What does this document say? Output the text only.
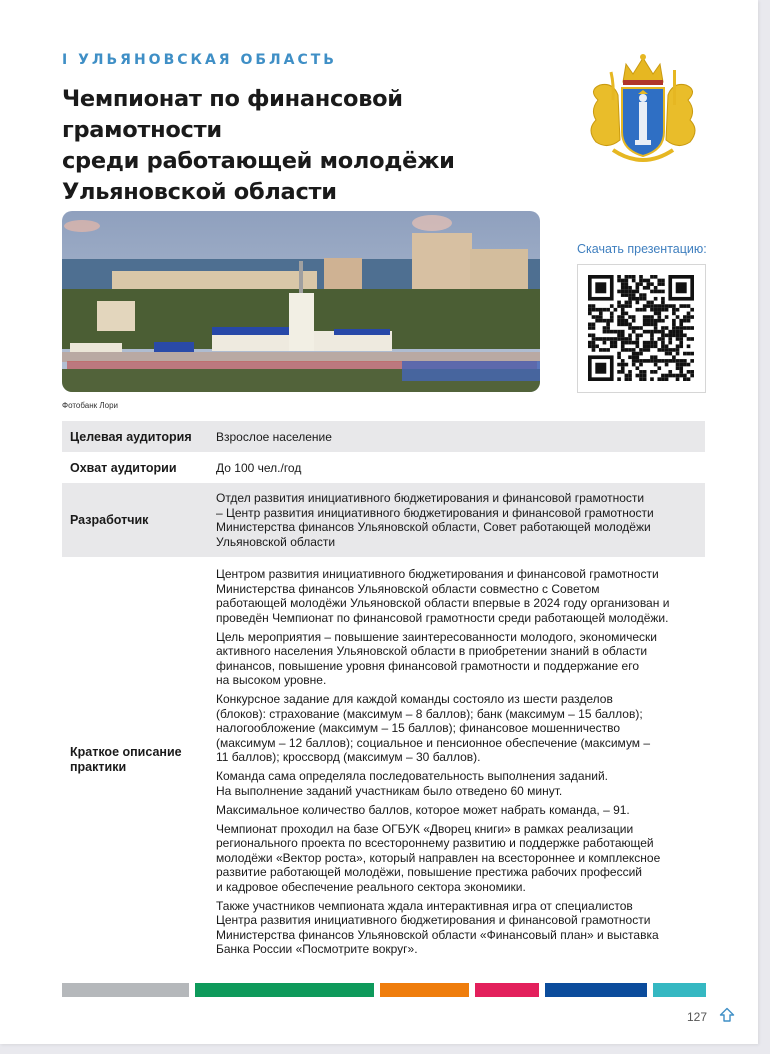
I УЛЬЯНОВСКАЯ ОБЛАСТЬ
Чемпионат по финансовой грамотности
среди работающей молодёжи
Ульяновской области
Фотобанк Лори
Скачать презентацию:
Целевая аудитория Взрослое население
Охват аудитории	До 100 чел./год
Разработчик
Отдел развития инициативного бюджетирования и финансовой грамотности
– Центр развития инициативного бюджетирования и финансовой грамотности
Министерства финансов Ульяновской области, Совет работающей молодёжи
Ульяновской области
Краткое описание
практики

Центром развития инициативного бюджетирования и финансовой грамотности
Министерства финансов Ульяновской области совместно с Советом
работающей молодёжи Ульяновской области впервые в 2024 году организован и
проведён Чемпионат по финансовой грамотности среди работающей молодёжи.

Цель мероприятия – повышение заинтересованности молодого, экономически
активного населения Ульяновской области в приобретении знаний в области
финансов, повышение уровня финансовой грамотности и поддержание его
на высоком уровне.

Конкурсное задание для каждой команды состояло из шести разделов
(блоков): страхование (максимум – 8 баллов); банк (максимум – 15 баллов);
налогообложение (максимум – 15 баллов); финансовое мошенничество
(максимум – 12 баллов); социальное и пенсионное обеспечение (максимум –
11 баллов); кроссворд (максимум – 30 баллов).

Команда сама определяла последовательность выполнения заданий.
На выполнение заданий участникам было отведено 60 минут.

Максимальное количество баллов, которое может набрать команда, – 91.

Чемпионат проходил на базе ОГБУК «Дворец книги» в рамках реализации
регионального проекта по всестороннему развитию и поддержке работающей
молодёжи «Вектор роста», который направлен на всестороннее и комплексное
развитие работающей молодёжи, повышение престижа рабочих профессий
и кадровое обеспечение реального сектора экономики.

Также участников чемпионата ждала интерактивная игра от специалистов
Центра развития инициативного бюджетирования и финансовой грамотности
Министерства финансов Ульяновской области «Финансовый план» и выставка
Банка России «Посмотрите вокруг».

127
